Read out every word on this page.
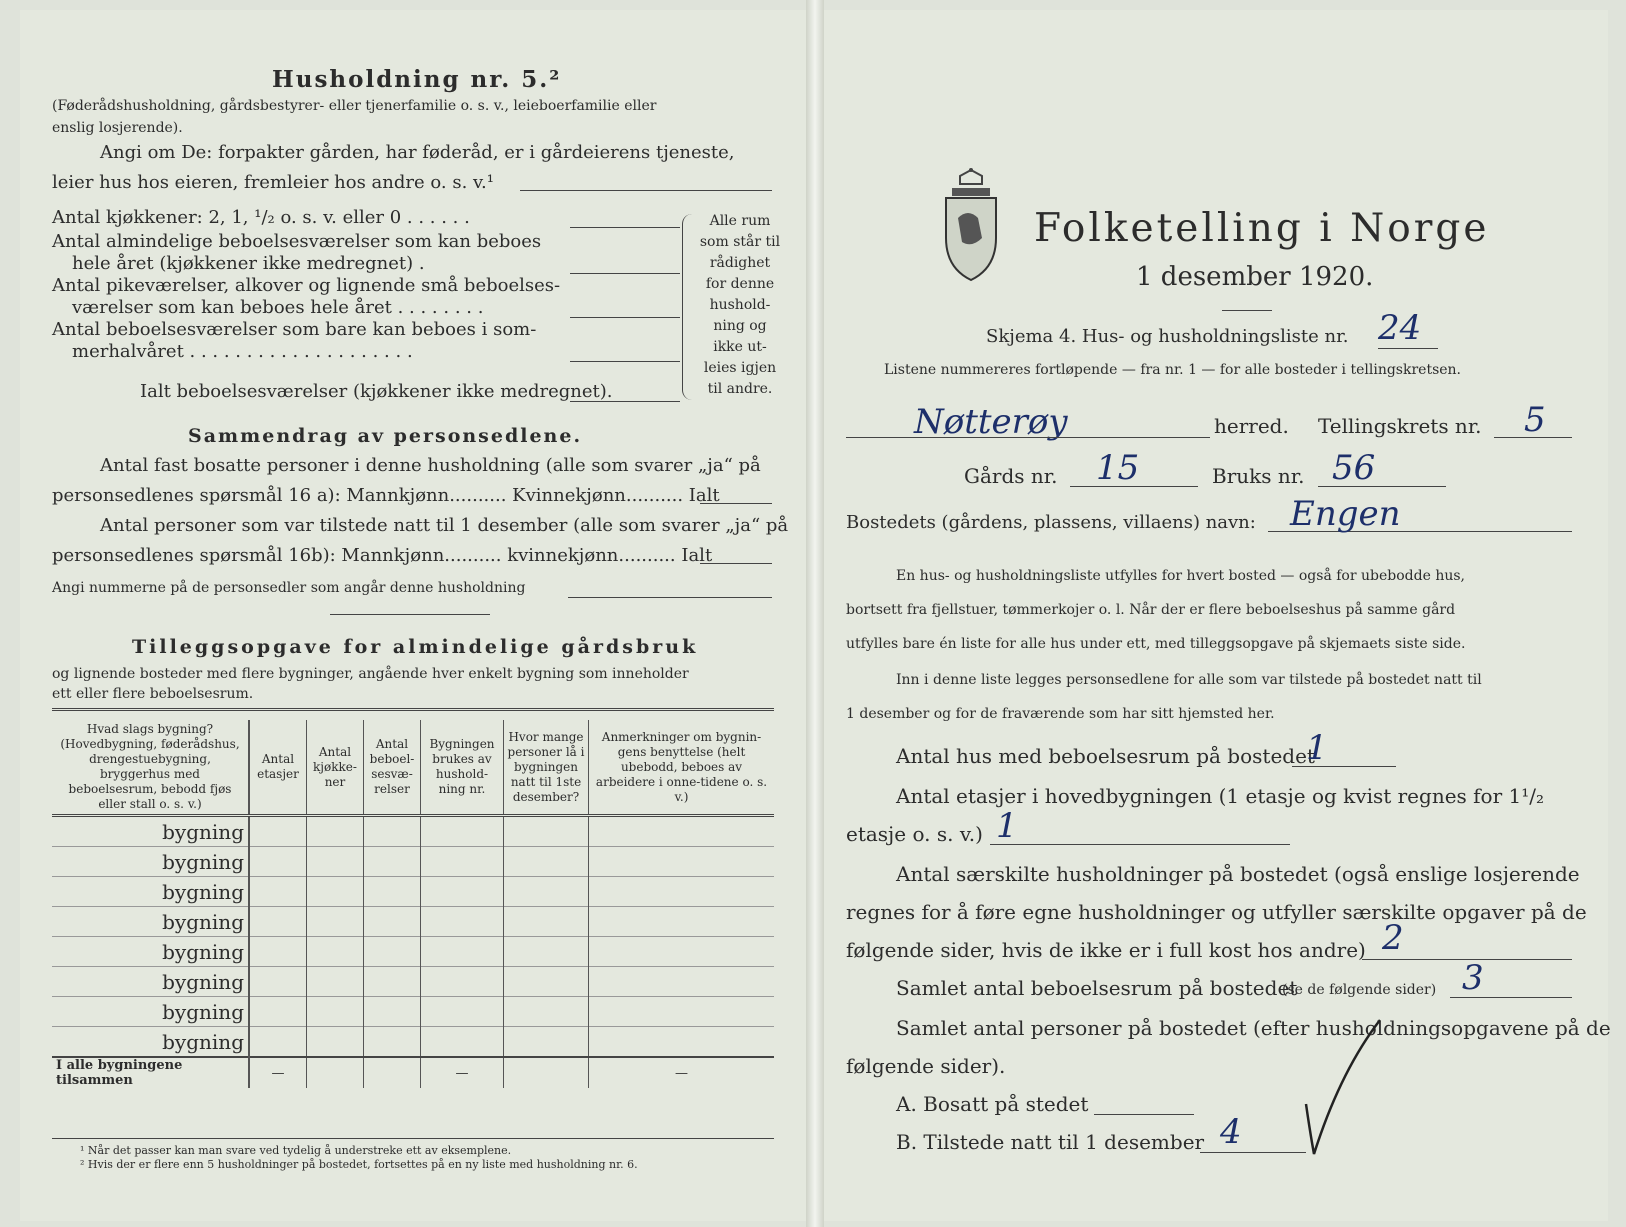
Husholdning nr. 5.²
(Føderådshusholdning, gårdsbestyrer- eller tjenerfamilie o. s. v., leieboerfamilie eller
enslig losjerende).
Angi om De: forpakter gården, har føderåd, er i gårdeierens tjeneste,
leier hus hos eieren, fremleier hos andre o. s. v.¹
Antal kjøkkener: 2, 1, ¹/₂ o. s. v. eller 0 . . . . . .
Antal almindelige beboelsesværelser som kan beboes
hele året (kjøkkener ikke medregnet) .
Antal pikeværelser, alkover og lignende små beboelses-
værelser som kan beboes hele året . . . . . . . .
Antal beboelsesværelser som bare kan beboes i som-
merhalvåret . . . . . . . . . . . . . . . . . . . .
Ialt beboelsesværelser (kjøkkener ikke medregnet).
Alle rum
som står til
rådighet
for denne
hushold-
ning og
ikke ut-
leies igjen
til andre.
Sammendrag av personsedlene.
Antal fast bosatte personer i denne husholdning (alle som svarer „ja“ på
personsedlenes spørsmål 16 a): Mannkjønn.......... Kvinnekjønn.......... Ialt
Antal personer som var tilstede natt til 1 desember (alle som svarer „ja“ på
personsedlenes spørsmål 16b): Mannkjønn.......... kvinnekjønn.......... Ialt
Angi nummerne på de personsedler som angår denne husholdning
Tilleggsopgave for almindelige gårdsbruk
og lignende bosteder med flere bygninger, angående hver enkelt bygning som inneholder
ett eller flere beboelsesrum.
Hvad slags bygning? (Hovedbygning, føderådshus, drengestuebygning, bryggerhus med beboelsesrum, bebodd fjøs eller stall o. s. v.)	Antal etasjer	Antal kjøkke-ner	Antal beboel-sesvæ-relser	Bygningen brukes av hushold-ning nr.	Hvor mange personer lå i bygningen natt til 1ste desember?	Anmerkninger om bygnin-gens benyttelse (helt ubebodd, beboes av arbeidere i onne-tidene o. s. v.)
bygning						
bygning						
bygning						
bygning						
bygning						
bygning						
bygning						
bygning						
I alle bygningene tilsammen	—			—		—
¹ Når det passer kan man svare ved tydelig å understreke ett av eksemplene.
² Hvis der er flere enn 5 husholdninger på bostedet, fortsettes på en ny liste med husholdning nr. 6.
Folketelling i Norge
1 desember 1920.
Skjema 4. Hus- og husholdningsliste nr. 24
Listene nummereres fortløpende — fra nr. 1 — for alle bosteder i tellingskretsen.
Nøtterøy	herred. Tellingskrets nr. 5
Gårds nr. 15	Bruks nr. 56
Bostedets (gårdens, plassens, villaens) navn: Engen
En hus- og husholdningsliste utfylles for hvert bosted — også for ubebodde hus,
bortsett fra fjellstuer, tømmerkojer o. l. Når der er flere beboelseshus på samme gård
utfylles bare én liste for alle hus under ett, med tilleggsopgave på skjemaets siste side.
Inn i denne liste legges personsedlene for alle som var tilstede på bostedet natt til
1 desember og for de fraværende som har sitt hjemsted her.
Antal hus med beboelsesrum på bostedet
1
Antal etasjer i hovedbygningen (1 etasje og kvist regnes for 1¹/₂
etasje o. s. v.) 1
Antal særskilte husholdninger på bostedet (også enslige losjerende
regnes for å føre egne husholdninger og utfyller særskilte opgaver på de
følgende sider, hvis de ikke er i full kost hos andre) 2
Samlet antal beboelsesrum på bostedet
(se de følgende sider) 3
Samlet antal personer på bostedet (efter husholdningsopgavene på de
følgende sider).
A. Bosatt på stedet
B. Tilstede natt til 1 desember 4
